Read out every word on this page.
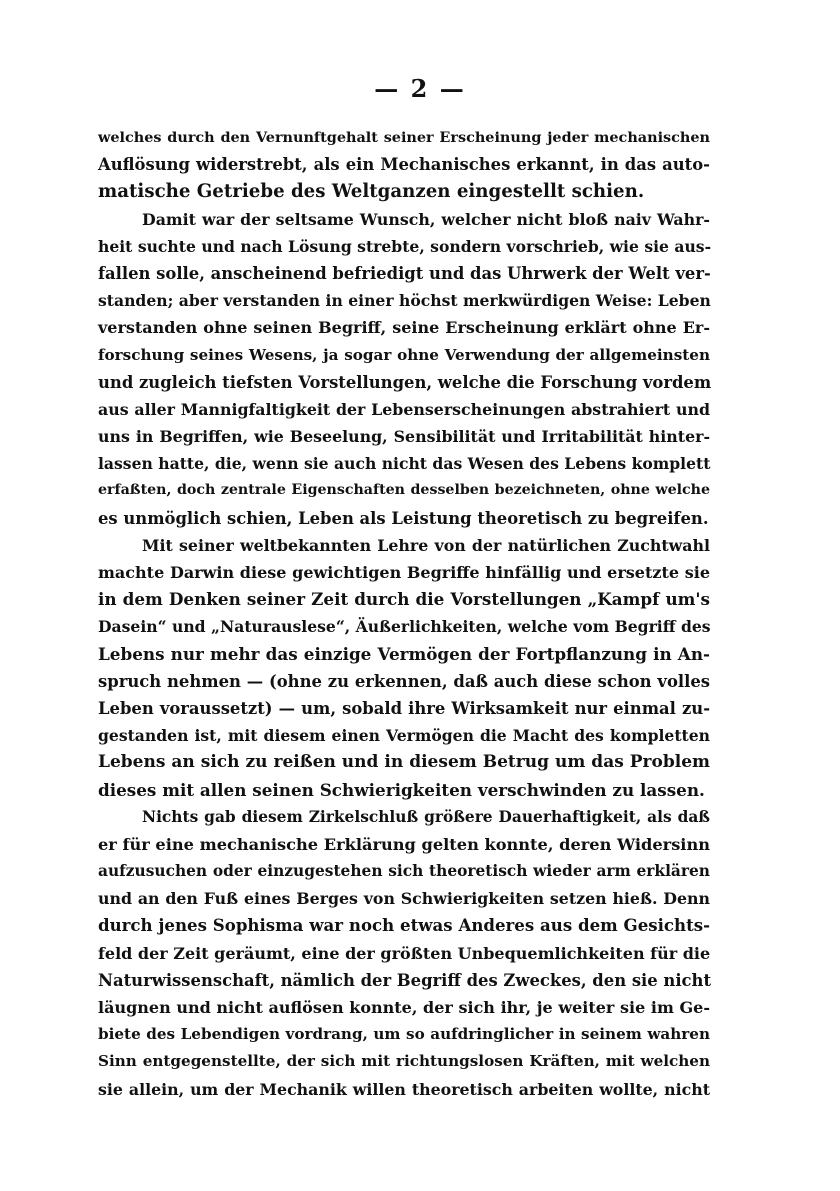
— 2 —
welches durch den Vernunftgehalt seiner Erscheinung jeder mechanischen
Auflösung widerstrebt, als ein Mechanisches erkannt, in das auto-
matische Getriebe des Weltganzen eingestellt schien.
Damit war der seltsame Wunsch, welcher nicht bloß naiv Wahr-
heit suchte und nach Lösung strebte, sondern vorschrieb, wie sie aus-
fallen solle, anscheinend befriedigt und das Uhrwerk der Welt ver-
standen; aber verstanden in einer höchst merkwürdigen Weise: Leben
verstanden ohne seinen Begriff, seine Erscheinung erklärt ohne Er-
forschung seines Wesens, ja sogar ohne Verwendung der allgemeinsten
und zugleich tiefsten Vorstellungen, welche die Forschung vordem
aus aller Mannigfaltigkeit der Lebenserscheinungen abstrahiert und
uns in Begriffen, wie Beseelung, Sensibilität und Irritabilität hinter-
lassen hatte, die, wenn sie auch nicht das Wesen des Lebens komplett
erfaßten, doch zentrale Eigenschaften desselben bezeichneten, ohne welche
es unmöglich schien, Leben als Leistung theoretisch zu begreifen.
Mit seiner weltbekannten Lehre von der natürlichen Zuchtwahl
machte Darwin diese gewichtigen Begriffe hinfällig und ersetzte sie
in dem Denken seiner Zeit durch die Vorstellungen „Kampf um's
Dasein“ und „Naturauslese“, Äußerlichkeiten, welche vom Begriff des
Lebens nur mehr das einzige Vermögen der Fortpflanzung in An-
spruch nehmen — (ohne zu erkennen, daß auch diese schon volles
Leben voraussetzt) — um, sobald ihre Wirksamkeit nur einmal zu-
gestanden ist, mit diesem einen Vermögen die Macht des kompletten
Lebens an sich zu reißen und in diesem Betrug um das Problem
dieses mit allen seinen Schwierigkeiten verschwinden zu lassen.
Nichts gab diesem Zirkelschluß größere Dauerhaftigkeit, als daß
er für eine mechanische Erklärung gelten konnte, deren Widersinn
aufzusuchen oder einzugestehen sich theoretisch wieder arm erklären
und an den Fuß eines Berges von Schwierigkeiten setzen hieß. Denn
durch jenes Sophisma war noch etwas Anderes aus dem Gesichts-
feld der Zeit geräumt, eine der größten Unbequemlichkeiten für die
Naturwissenschaft, nämlich der Begriff des Zweckes, den sie nicht
läugnen und nicht auflösen konnte, der sich ihr, je weiter sie im Ge-
biete des Lebendigen vordrang, um so aufdringlicher in seinem wahren
Sinn entgegenstellte, der sich mit richtungslosen Kräften, mit welchen
sie allein, um der Mechanik willen theoretisch arbeiten wollte, nicht
